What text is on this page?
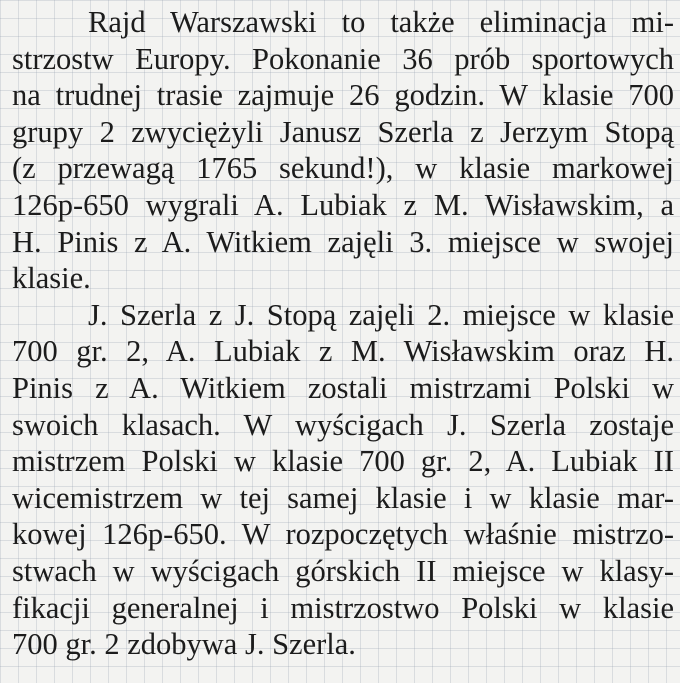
Rajd Warszawski to także eliminacja mi-
strzostw Europy. Pokonanie 36 prób sportowych
na trudnej trasie zajmuje 26 godzin. W klasie 700
grupy 2 zwyciężyli Janusz Szerla z Jerzym Stopą
(z przewagą 1765 sekund!), w klasie markowej
126p-650 wygrali A. Lubiak z M. Wisławskim, a
H. Pinis z A. Witkiem zajęli 3. miejsce w swojej
klasie.
J. Szerla z J. Stopą zajęli 2. miejsce w klasie
700 gr. 2, A. Lubiak z M. Wisławskim oraz H.
Pinis z A. Witkiem zostali mistrzami Polski w
swoich klasach. W wyścigach J. Szerla zostaje
mistrzem Polski w klasie 700 gr. 2, A. Lubiak II
wicemistrzem w tej samej klasie i w klasie mar-
kowej 126p-650. W rozpoczętych właśnie mistrzo-
stwach w wyścigach górskich II miejsce w klasy-
fikacji generalnej i mistrzostwo Polski w klasie
700 gr. 2 zdobywa J. Szerla.
